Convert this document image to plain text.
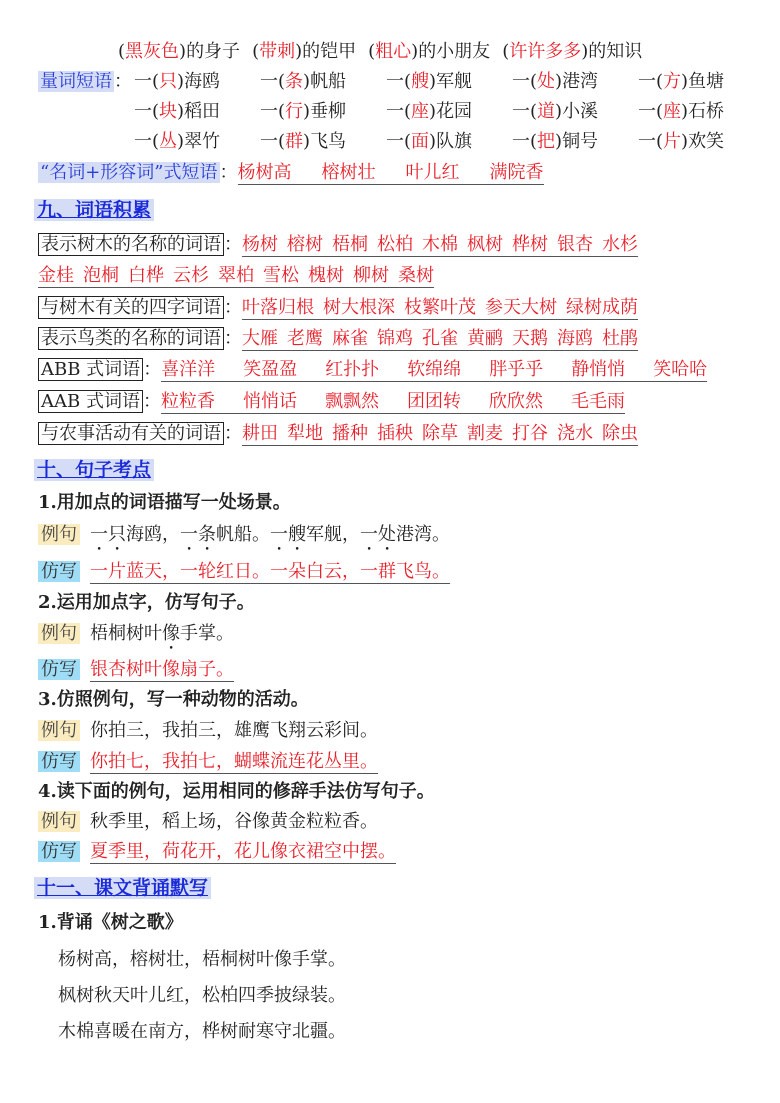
(黑灰色)的身子 (带刺)的铠甲 (粗心)的小朋友 (许许多多)的知识
量词短语 ： 一(只)海鸥 一(条)帆船 一(艘)军舰 一(处)港湾 一(方)鱼塘
一(块)稻田 一(行)垂柳 一(座)花园 一(道)小溪 一(座)石桥
一(丛)翠竹 一(群)飞鸟 一(面)队旗 一(把)铜号 一(片)欢笑
“名词+形容词”式短语 ：杨树高 榕树壮 叶儿红 满院香
九、词语积累
表示树木的名称的词语 ：杨树 榕树 梧桐 松柏 木棉 枫树 桦树 银杏 水杉
金桂 泡桐 白桦 云杉 翠柏 雪松 槐树 柳树 桑树
与树木有关的四字词语 ：叶落归根 树大根深 枝繁叶茂 参天大树 绿树成荫
表示鸟类的名称的词语 ：大雁 老鹰 麻雀 锦鸡 孔雀 黄鹂 天鹅 海鸥 杜鹃
ABB 式词语 ：喜洋洋 笑盈盈 红扑扑 软绵绵 胖乎乎 静悄悄 笑哈哈
AAB 式词语 ：粒粒香 悄悄话 飘飘然 团团转 欣欣然 毛毛雨
与农事活动有关的词语 ：耕田 犁地 播种 插秧 除草 割麦 打谷 浇水 除虫
十、句子考点
1.用加点的词语描写一处场景。
例句 一只海鸥，一条帆船。一艘军舰，一处港湾。
仿写 一片蓝天，一轮红日。一朵白云，一群飞鸟。
2.运用加点字，仿写句子。
例句 梧桐树叶像手掌。
仿写 银杏树叶像扇子。
3.仿照例句，写一种动物的活动。
例句 你拍三，我拍三，雄鹰飞翔云彩间。
仿写 你拍七，我拍七，蝴蝶流连花丛里。
4.读下面的例句，运用相同的修辞手法仿写句子。
例句 秋季里，稻上场，谷像黄金粒粒香。
仿写 夏季里，荷花开，花儿像衣裙空中摆。
十一、课文背诵默写
1.背诵《树之歌》
杨树高，榕树壮，梧桐树叶像手掌。
枫树秋天叶儿红，松柏四季披绿装。
木棉喜暖在南方，桦树耐寒守北疆。
